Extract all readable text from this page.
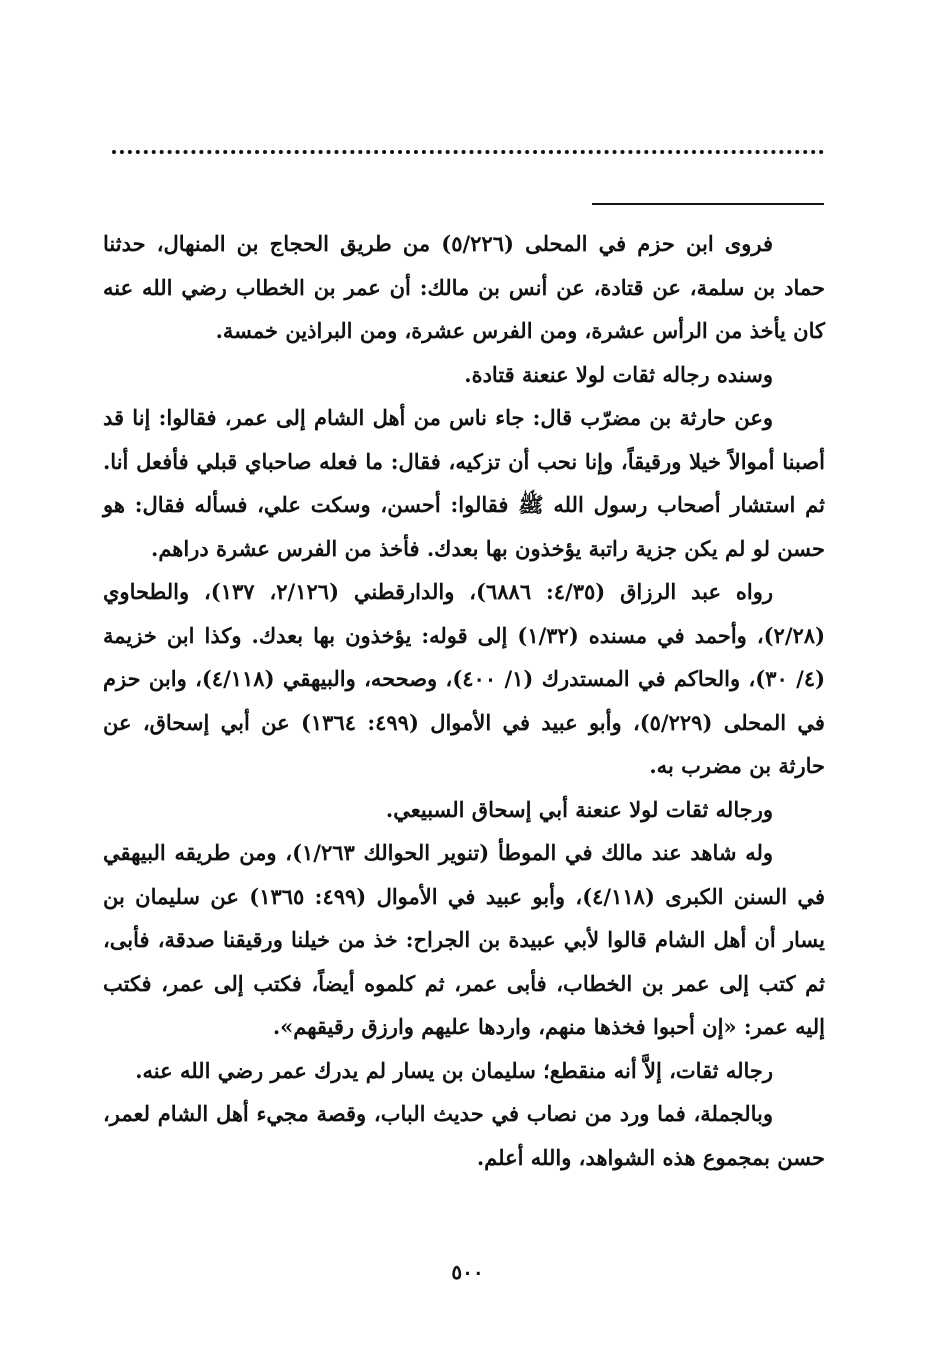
فروى ابن حزم في المحلى (٥/٢٢٦) من طريق الحجاج بن المنهال، حدثنا حماد بن سلمة، عن قتادة، عن أنس بن مالك: أن عمر بن الخطاب رضي الله عنه كان يأخذ من الرأس عشرة، ومن الفرس عشرة، ومن البراذين خمسة.

وسنده رجاله ثقات لولا عنعنة قتادة.

وعن حارثة بن مضرّب قال: جاء ناس من أهل الشام إلى عمر، فقالوا: إنا قد أصبنا أموالاً خيلا ورقيقاً، وإنا نحب أن تزكيه، فقال: ما فعله صاحباي قبلي فأفعل أنا. ثم استشار أصحاب رسول الله ﷺ فقالوا: أحسن، وسكت علي، فسأله فقال: هو حسن لو لم يكن جزية راتبة يؤخذون بها بعدك. فأخذ من الفرس عشرة دراهم.

رواه عبد الرزاق (٤/٣٥: ٦٨٨٦)، والدارقطني (٢/١٢٦، ١٣٧)، والطحاوي (٢/٢٨)، وأحمد في مسنده (١/٣٢) إلى قوله: يؤخذون بها بعدك. وكذا ابن خزيمة (٤/ ٣٠)، والحاكم في المستدرك (١/ ٤٠٠)، وصححه، والبيهقي (٤/١١٨)، وابن حزم في المحلى (٥/٢٢٩)، وأبو عبيد في الأموال (٤٩٩: ١٣٦٤) عن أبي إسحاق، عن حارثة بن مضرب به.

ورجاله ثقات لولا عنعنة أبي إسحاق السبيعي.

وله شاهد عند مالك في الموطأ (تنوير الحوالك ١/٢٦٣)، ومن طريقه البيهقي في السنن الكبرى (٤/١١٨)، وأبو عبيد في الأموال (٤٩٩: ١٣٦٥) عن سليمان بن يسار أن أهل الشام قالوا لأبي عبيدة بن الجراح: خذ من خيلنا ورقيقنا صدقة، فأبى، ثم كتب إلى عمر بن الخطاب، فأبى عمر، ثم كلموه أيضاً، فكتب إلى عمر، فكتب إليه عمر: «إن أحبوا فخذها منهم، واردها عليهم وارزق رقيقهم».

رجاله ثقات، إلاَّ أنه منقطع؛ سليمان بن يسار لم يدرك عمر رضي الله عنه.

وبالجملة، فما ورد من نصاب في حديث الباب، وقصة مجيء أهل الشام لعمر، حسن بمجموع هذه الشواهد، والله أعلم.

٥٠٠
